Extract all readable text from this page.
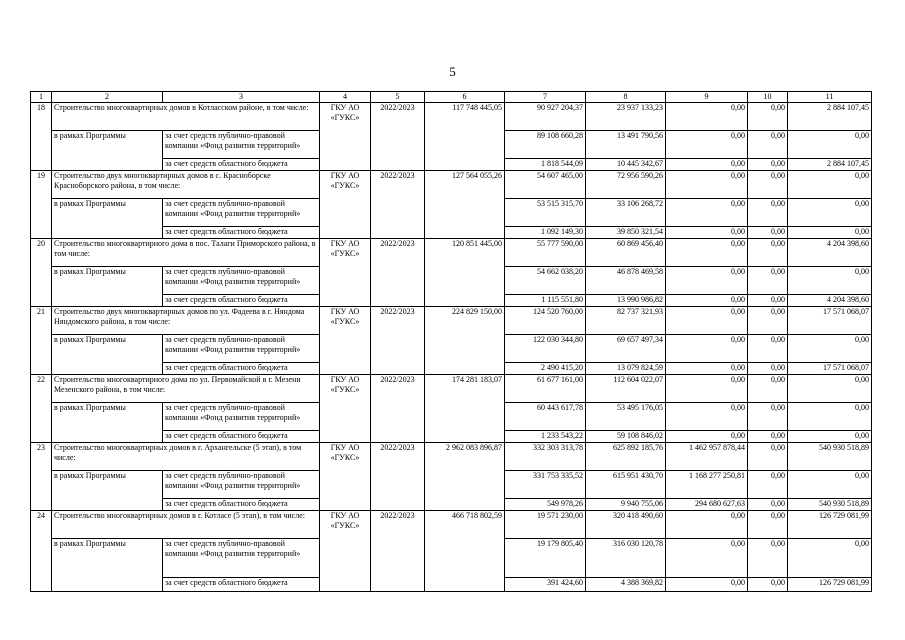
5
1	2	3	4	5	6	7	8	9	10	11
18	Строительство многоквартирных домов в Котласском районе, в том числе:		ГКУ АО «ГУКС»	2022/2023	117 748 445,05	90 927 204,37	23 937 133,23	0,00	0,00	2 884 107,45
	в рамках Программы	за счет средств публично-правовой компании «Фонд развития территорий»				89 108 660,28	13 491 790,56	0,00	0,00	0,00
		за счет средств областного бюджета				1 818 544,09	10 445 342,67	0,00	0,00	2 884 107,45
19	Строительство двух многоквартирных домов в с. Красноборске Красноборского района, в том числе:		ГКУ АО «ГУКС»	2022/2023	127 564 055,26	54 607 465,00	72 956 590,26	0,00	0,00	0,00
	в рамках Программы	за счет средств публично-правовой компании «Фонд развития территорий»				53 515 315,70	33 106 268,72	0,00	0,00	0,00
		за счет средств областного бюджета				1 092 149,30	39 850 321,54	0,00	0,00	0,00
20	Строительство многоквартирного дома в пос. Талаги Приморского района, в том числе:		ГКУ АО «ГУКС»	2022/2023	120 851 445,00	55 777 590,00	60 869 456,40	0,00	0,00	4 204 398,60
	в рамках Программы	за счет средств публично-правовой компании «Фонд развития территорий»				54 662 038,20	46 878 469,58	0,00	0,00	0,00
		за счет средств областного бюджета				1 115 551,80	13 990 986,82	0,00	0,00	4 204 398,60
21	Строительство двух многоквартирных домов по ул. Фадеева в г. Няндома Няндомского района, в том числе:		ГКУ АО «ГУКС»	2022/2023	224 829 150,00	124 520 760,00	82 737 321,93	0,00	0,00	17 571 068,07
	в рамках Программы	за счет средств публично-правовой компании «Фонд развития территорий»				122 030 344,80	69 657 497,34	0,00	0,00	0,00
		за счет средств областного бюджета				2 490 415,20	13 079 824,59	0,00	0,00	17 571 068,07
22	Строительство многоквартирного дома по ул. Первомайской в г. Мезени Мезенского района, в том числе:		ГКУ АО «ГУКС»	2022/2023	174 281 183,07	61 677 161,00	112 604 022,07	0,00	0,00	0,00
	в рамках Программы	за счет средств публично-правовой компании «Фонд развития территорий»				60 443 617,78	53 495 176,05	0,00	0,00	0,00
		за счет средств областного бюджета				1 233 543,22	59 108 846,02	0,00	0,00	0,00
23	Строительство многоквартирных домов в г. Архангельске (5 этап), в том числе:		ГКУ АО «ГУКС»	2022/2023	2 962 083 896,87	332 303 313,78	625 892 185,76	1 462 957 878,44	0,00	540 930 518,89
	в рамках Программы	за счет средств публично-правовой компании «Фонд развития территорий»				331 753 335,52	615 951 430,70	1 168 277 250,81	0,00	0,00
		за счет средств областного бюджета				549 978,26	9 940 755,06	294 680 627,63	0,00	540 930 518,89
24	Строительство многоквартирных домов в г. Котласе (5 этап), в том числе:		ГКУ АО «ГУКС»	2022/2023	466 718 802,59	19 571 230,00	320 418 490,60	0,00	0,00	126 729 081,99
	в рамках Программы	за счет средств публично-правовой компании «Фонд развития территорий»				19 179 805,40	316 030 120,78	0,00	0,00	0,00
		за счет средств областного бюджета				391 424,60	4 388 369,82	0,00	0,00	126 729 081,99
